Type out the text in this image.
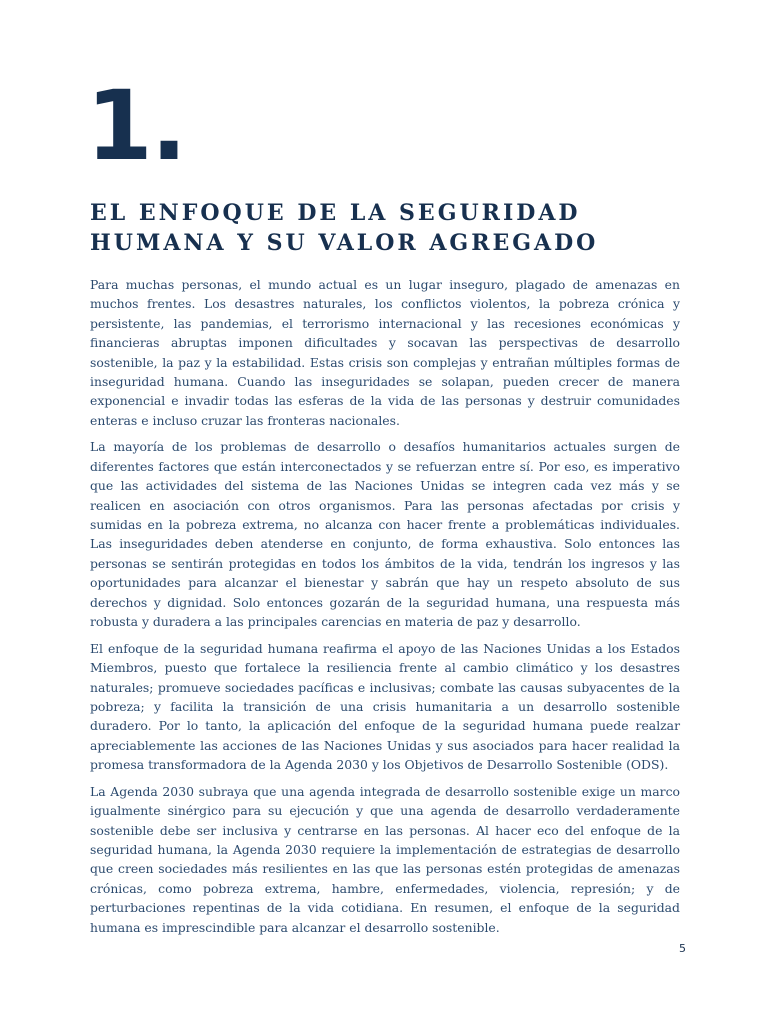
1.
EL ENFOQUE DE LA SEGURIDAD
HUMANA Y SU VALOR AGREGADO

Para muchas personas, el mundo actual es un lugar inseguro, plagado de amenazas en muchos frentes. Los desastres naturales, los conflictos violentos, la pobreza crónica y persistente, las pandemias, el terrorismo internacional y las recesiones económicas y financieras abruptas imponen dificultades y socavan las perspectivas de desarrollo sostenible, la paz y la estabilidad. Estas crisis son complejas y entrañan múltiples formas de inseguridad humana. Cuando las inseguridades se solapan, pueden crecer de manera exponencial e invadir todas las esferas de la vida de las personas y destruir comunidades enteras e incluso cruzar las fronteras nacionales.

La mayoría de los problemas de desarrollo o desafíos humanitarios actuales surgen de diferentes factores que están interconectados y se refuerzan entre sí. Por eso, es imperativo que las actividades del sistema de las Naciones Unidas se integren cada vez más y se realicen en asociación con otros organismos. Para las personas afectadas por crisis y sumidas en la pobreza extrema, no alcanza con hacer frente a problemáticas individuales. Las inseguridades deben atenderse en conjunto, de forma exhaustiva. Solo entonces las personas se sentirán protegidas en todos los ámbitos de la vida, tendrán los ingresos y las oportunidades para alcanzar el bienestar y sabrán que hay un respeto absoluto de sus derechos y dignidad. Solo entonces gozarán de la seguridad humana, una respuesta más robusta y duradera a las principales carencias en materia de paz y desarrollo.

El enfoque de la seguridad humana reafirma el apoyo de las Naciones Unidas a los Estados Miembros, puesto que fortalece la resiliencia frente al cambio climático y los desastres naturales; promueve sociedades pacíficas e inclusivas; combate las causas subyacentes de la pobreza; y facilita la transición de una crisis humanitaria a un desarrollo sostenible duradero. Por lo tanto, la aplicación del enfoque de la seguridad humana puede realzar apreciablemente las acciones de las Naciones Unidas y sus asociados para hacer realidad la promesa transformadora de la Agenda 2030 y los Objetivos de Desarrollo Sostenible (ODS).

La Agenda 2030 subraya que una agenda integrada de desarrollo sostenible exige un marco igualmente sinérgico para su ejecución y que una agenda de desarrollo verdaderamente sostenible debe ser inclusiva y centrarse en las personas. Al hacer eco del enfoque de la seguridad humana, la Agenda 2030 requiere la implementación de estrategias de desarrollo que creen sociedades más resilientes en las que las personas estén protegidas de amenazas crónicas, como pobreza extrema, hambre, enfermedades, violencia, represión; y de perturbaciones repentinas de la vida cotidiana. En resumen, el enfoque de la seguridad humana es imprescindible para alcanzar el desarrollo sostenible.

5
